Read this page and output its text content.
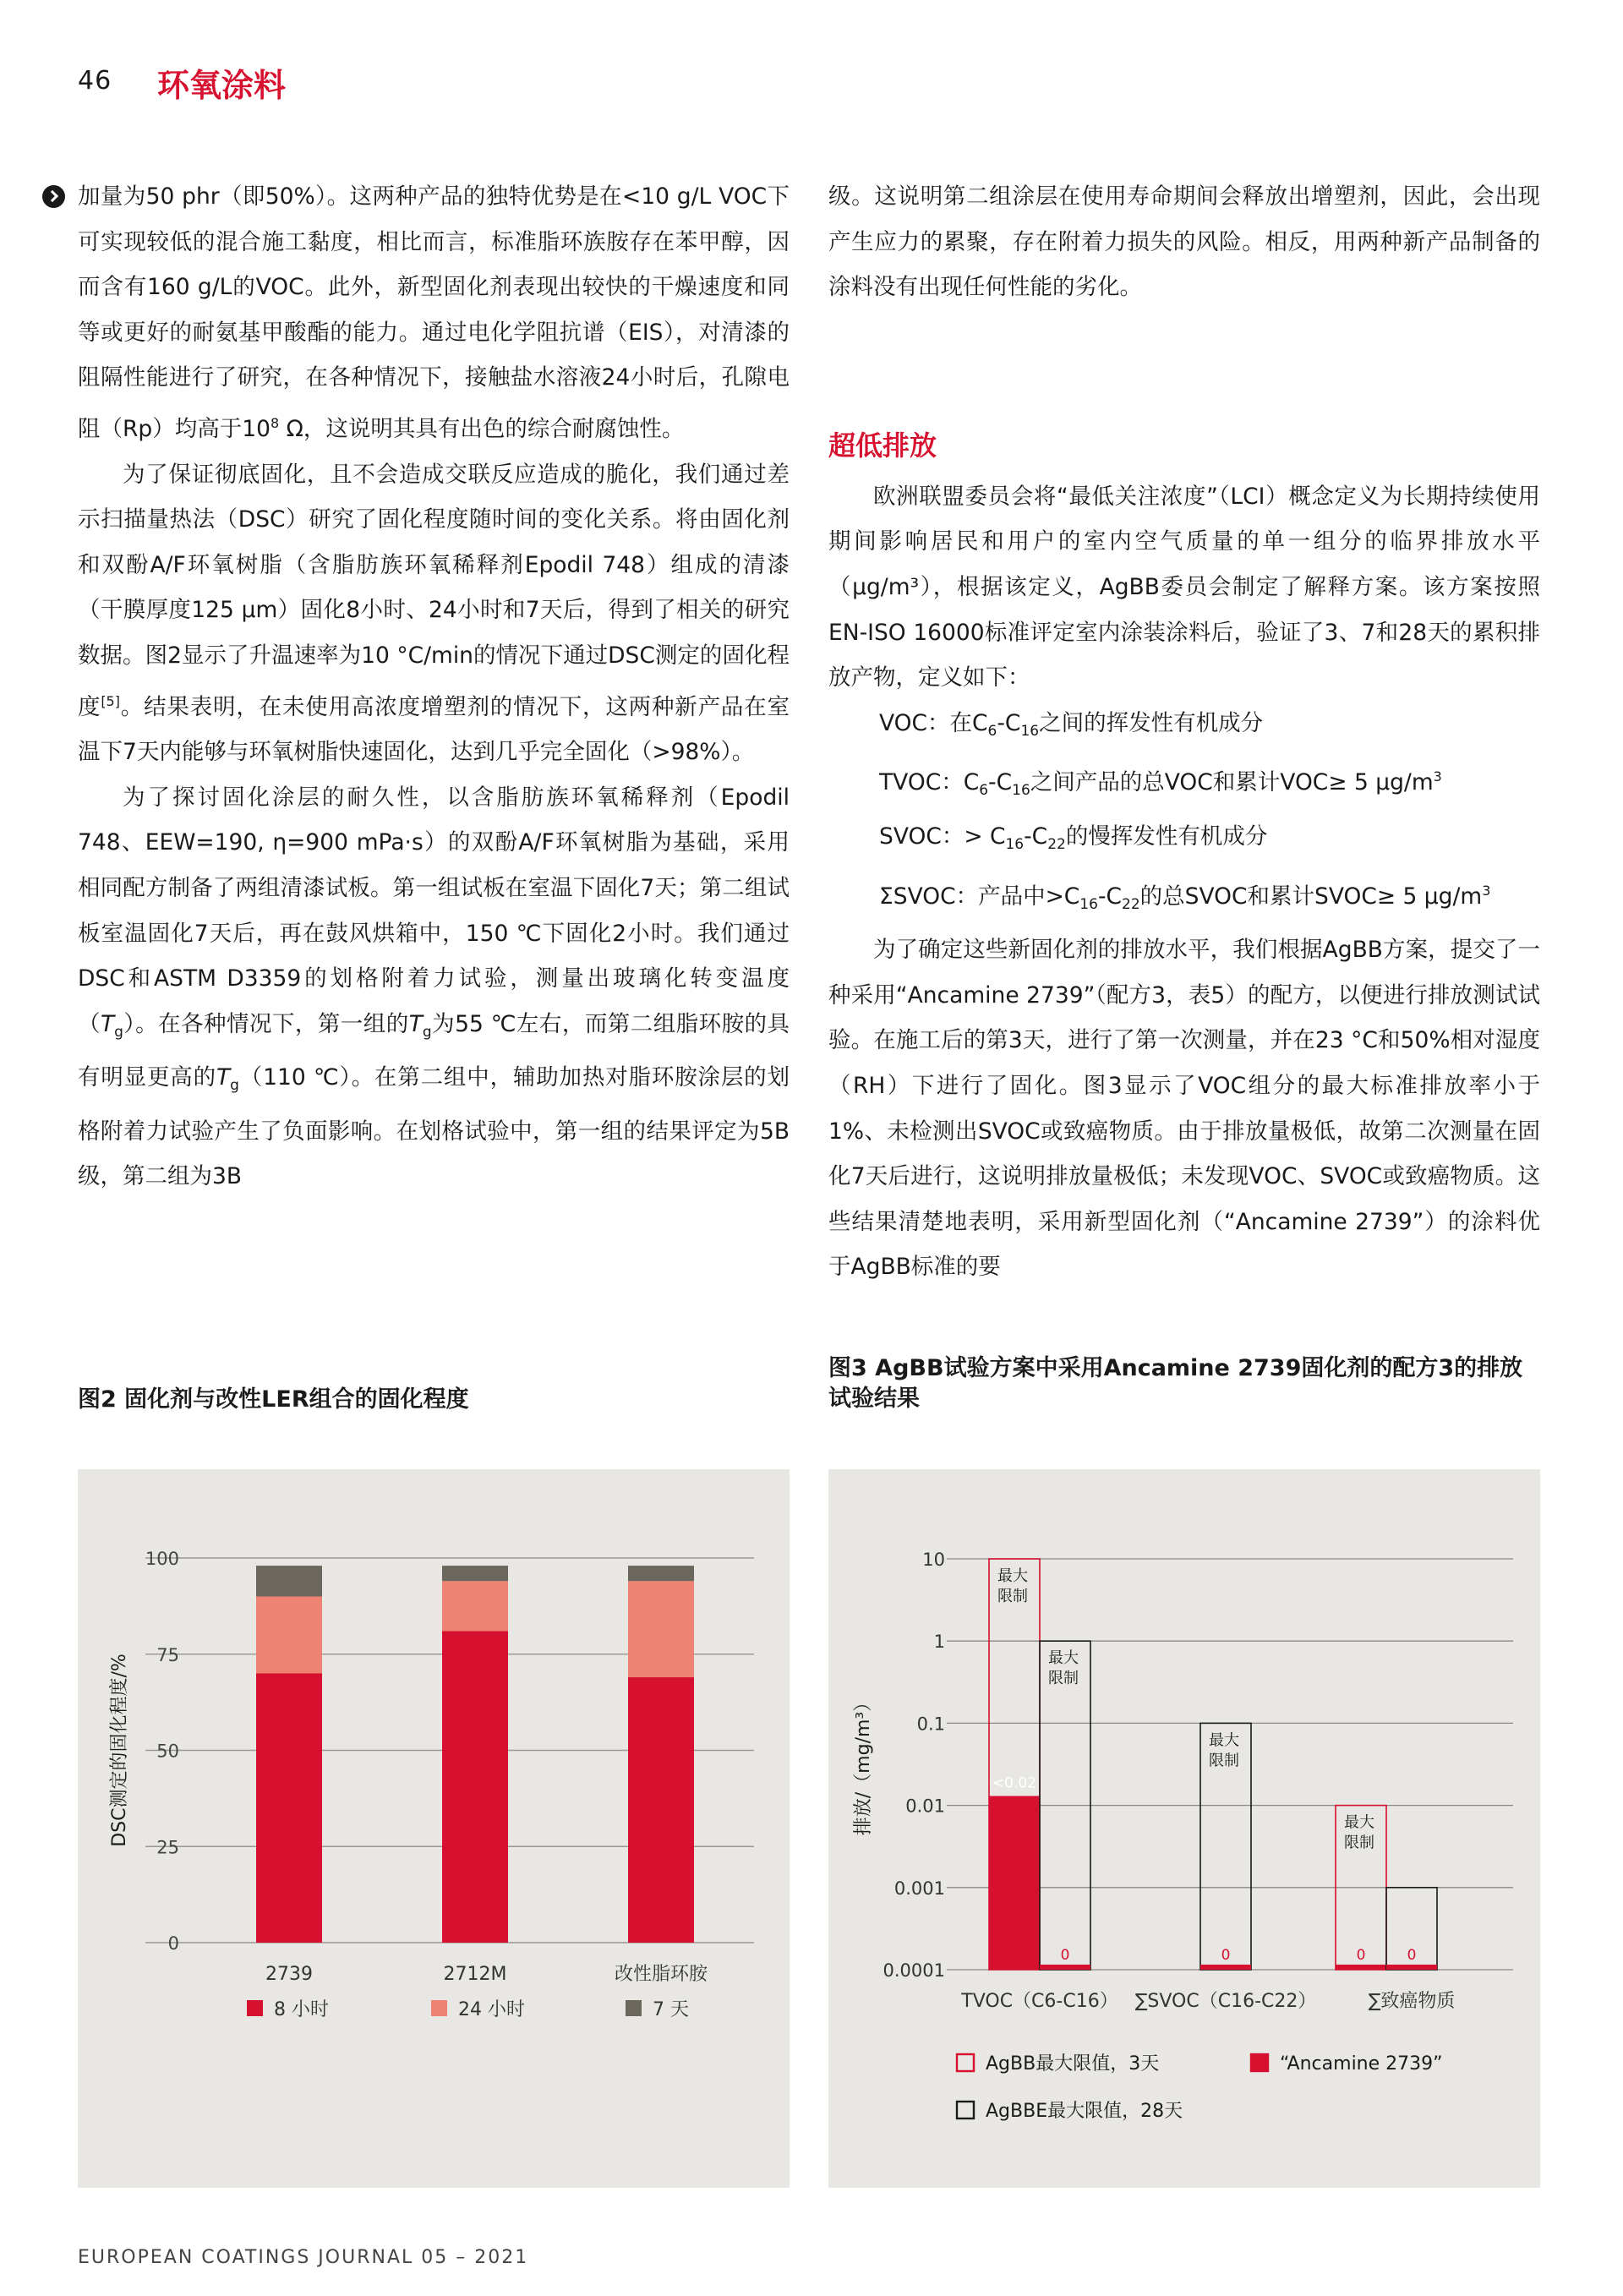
46 环氧涂料

加量为50 phr（即50%）。这两种产品的独特优势是在<10 g/L VOC下可实现较低的混合施工黏度，相比而言，标准脂环族胺存在苯甲醇，因而含有160 g/L的VOC。此外，新型固化剂表现出较快的干燥速度和同等或更好的耐氨基甲酸酯的能力。通过电化学阻抗谱（EIS），对清漆的阻隔性能进行了研究，在各种情况下，接触盐水溶液24小时后，孔隙电阻（Rp）均高于$10^8$ Ω，这说明其具有出色的综合耐腐蚀性。

为了保证彻底固化，且不会造成交联反应造成的脆化，我们通过差示扫描量热法（DSC）研究了固化程度随时间的变化关系。将由固化剂和双酚A/F环氧树脂（含脂肪族环氧稀释剂Epodil 748）组成的清漆（干膜厚度125 μm）固化8小时、24小时和7天后，得到了相关的研究数据。图2显示了升温速率为10 °C/min的情况下通过DSC测定的固化程度[5]。结果表明，在未使用高浓度增塑剂的情况下，这两种新产品在室温下7天内能够与环氧树脂快速固化，达到几乎完全固化（>98%）。

为了探讨固化涂层的耐久性，以含脂肪族环氧稀释剂（Epodil 748、EEW=190, η=900 mPa·s）的双酚A/F环氧树脂为基础，采用相同配方制备了两组清漆试板。第一组试板在室温下固化7天；第二组试板室温固化7天后，再在鼓风烘箱中，150 ℃下固化2小时。我们通过DSC和ASTM D3359的划格附着力试验，测量出玻璃化转变温度$(T_g)$。在各种情况下，第一组的$T_g$为55 ℃左右，而第二组脂环胺的具有明显更高的$T_g(110$ ℃）。在第二组中，辅助加热对脂环胺涂层的划格附着力试验产生了负面影响。在划格试验中，第一组的结果评定为5B级，第二组为3B

级。这说明第二组涂层在使用寿命期间会释放出增塑剂，因此，会出现产生应力的累聚，存在附着力损失的风险。相反，用两种新产品制备的涂料没有出现任何性能的劣化。

超低排放

欧洲联盟委员会将“最低关注浓度”（LCI）概念定义为长期持续使用期间影响居民和用户的室内空气质量的单一组分的临界排放水平（μg/m³），根据该定义，AgBB委员会制定了解释方案。该方案按照EN-ISO 16000标准评定室内涂装涂料后，验证了3、7和28天的累积排放产物，定义如下：

VOC：在$C_6-C_{16}$之间的挥发性有机成分
TVOC：$C_6-C_{16}$之间产品的总VOC和累计VOC≥ 5 $\mu g/m^3$
SVOC：> $C_{16}-C_{22}$的慢挥发性有机成分
ΣSVOC：产品中$>C_{16}-C_{22}$的总SVOC和累计SVOC≥ 5 $\mu g/m^3$

为了确定这些新固化剂的排放水平，我们根据AgBB方案，提交了一种采用“Ancamine 2739”（配方3，表5）的配方，以便进行排放测试试验。在施工后的第3天，进行了第一次测量，并在23 °C和50%相对湿度（RH）下进行了固化。图3显示了VOC组分的最大标准排放率小于1%、未检测出SVOC或致癌物质。由于排放量极低，故第二次测量在固化7天后进行，这说明排放量极低；未发现VOC、SVOC或致癌物质。这些结果清楚地表明，采用新型固化剂（“Ancamine 2739”）的涂料优于AgBB标准的要

图2 固化剂与改性LER组合的固化程度
图3 AgBB试验方案中采用Ancamine 2739固化剂的配方3的排放试验结果
100
75
50
25
0
DSC测定的固化程度/%
2739	2712M	改性脂环胺
8 小时	24 小时	7 天
10
1
0.1
0.01
0.001
0.0001
排放/（mg/m³）
最大
限制
<0.02
最大
限制
0
最大
限制
0
最大
限制
0	0
TVOC（C6-C16） ∑SVOC（C16-C22）	∑致癌物质
AgBB最大限值，3天	“Ancamine 2739”
AgBBE最大限值，28天
EUROPEAN COATINGS JOURNAL 05 – 2021
